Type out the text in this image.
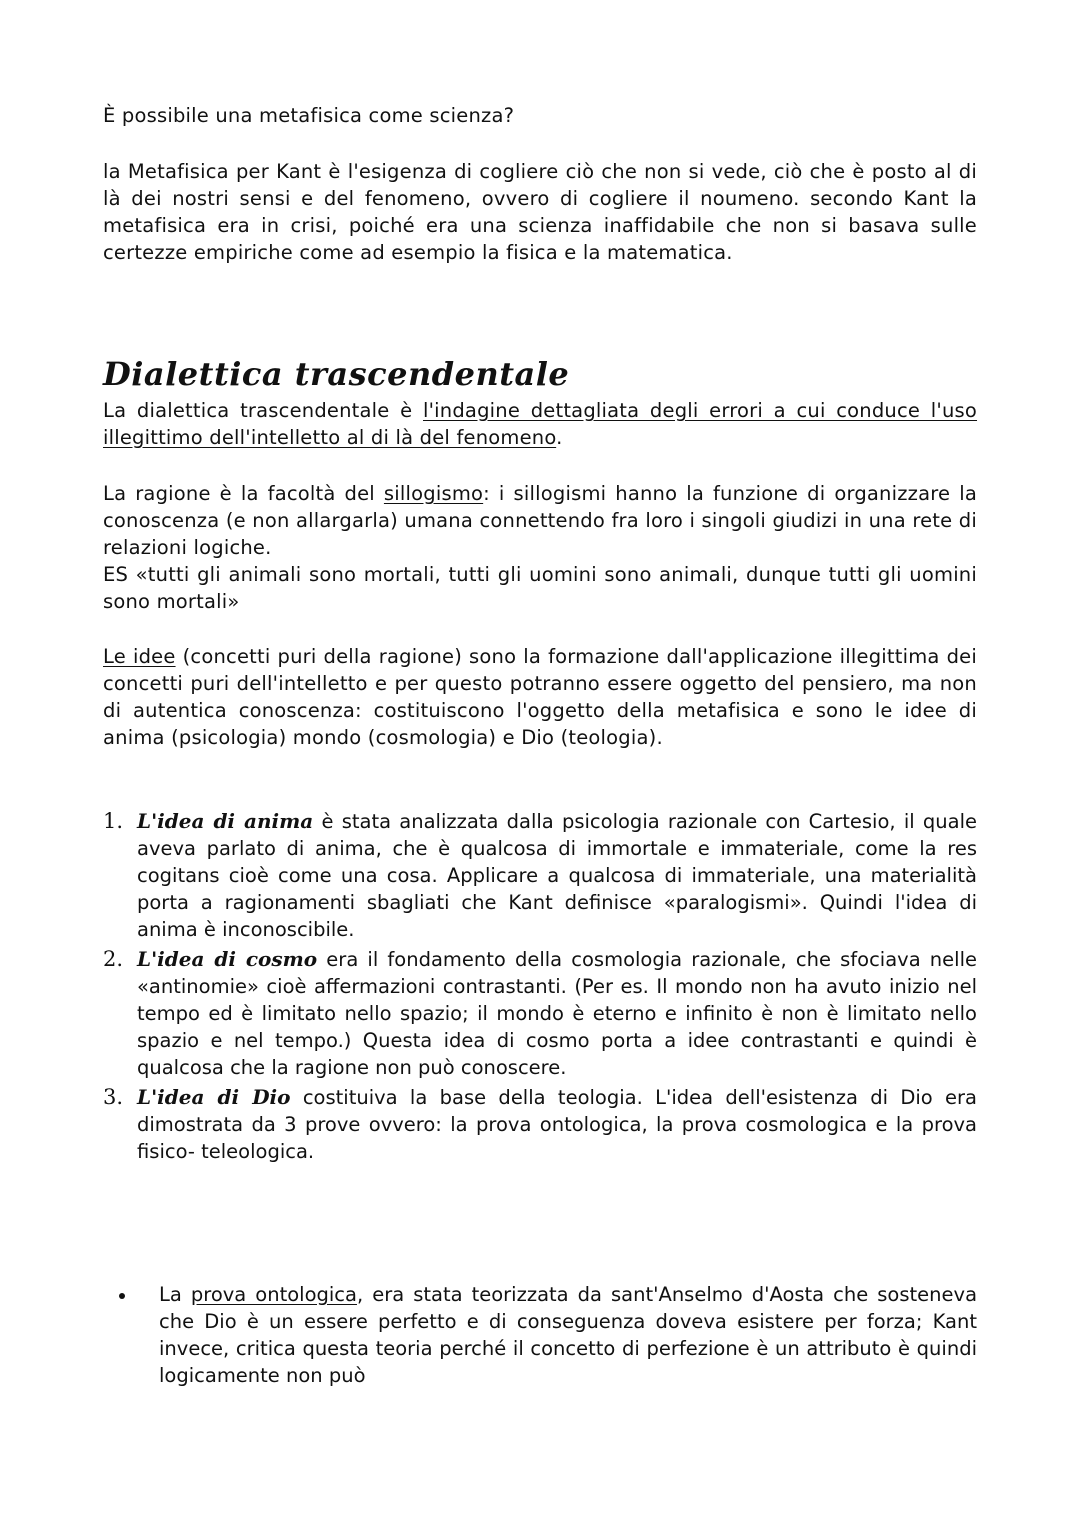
È possibile una metafisica come scienza?

la Metafisica per Kant è l'esigenza di cogliere ciò che non si vede, ciò che è posto al di là dei nostri sensi e del fenomeno, ovvero di cogliere il noumeno. secondo Kant la metafisica era in crisi, poiché era una scienza inaffidabile che non si basava sulle certezze empiriche come ad esempio la fisica e la matematica.

Dialettica trascendentale

La dialettica trascendentale è l'indagine dettagliata degli errori a cui conduce l'uso illegittimo dell'intelletto al di là del fenomeno.

La ragione è la facoltà del sillogismo: i sillogismi hanno la funzione di organizzare la conoscenza (e non allargarla) umana connettendo fra loro i singoli giudizi in una rete di relazioni logiche.
ES «tutti gli animali sono mortali, tutti gli uomini sono animali, dunque tutti gli uomini sono mortali»

Le idee (concetti puri della ragione) sono la formazione dall'applicazione illegittima dei concetti puri dell'intelletto e per questo potranno essere oggetto del pensiero, ma non di autentica conoscenza: costituiscono l'oggetto della metafisica e sono le idee di anima (psicologia) mondo (cosmologia) e Dio (teologia).

1. L'idea di anima è stata analizzata dalla psicologia razionale con Cartesio, il quale aveva parlato di anima, che è qualcosa di immortale e immateriale, come la res cogitans cioè come una cosa. Applicare a qualcosa di immateriale, una materialità porta a ragionamenti sbagliati che Kant definisce «paralogismi». Quindi l'idea di anima è inconoscibile.
2. L'idea di cosmo era il fondamento della cosmologia razionale, che sfociava nelle «antinomie» cioè affermazioni contrastanti. (Per es. Il mondo non ha avuto inizio nel tempo ed è limitato nello spazio; il mondo è eterno e infinito è non è limitato nello spazio e nel tempo.) Questa idea di cosmo porta a idee contrastanti e quindi è qualcosa che la ragione non può conoscere.
3. L'idea di Dio costituiva la base della teologia. L'idea dell'esistenza di Dio era dimostrata da 3 prove ovvero: la prova ontologica, la prova cosmologica e la prova fisico- teleologica.
La prova ontologica, era stata teorizzata da sant'Anselmo d'Aosta che sosteneva che Dio è un essere perfetto e di conseguenza doveva esistere per forza; Kant invece, critica questa teoria perché il concetto di perfezione è un attributo è quindi logicamente non può
